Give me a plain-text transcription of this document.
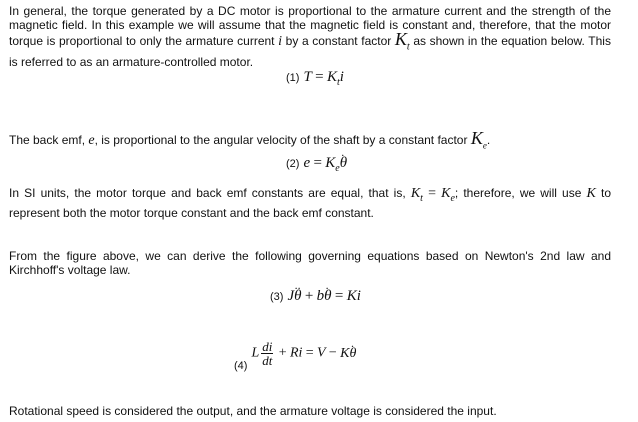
In general, the torque generated by a DC motor is proportional to the armature current and the strength of the magnetic field. In this example we will assume that the magnetic field is constant and, therefore, that the motor torque is proportional to only the armature current i by a constant factor $K_t$ as shown in the equation below. This is referred to as an armature-controlled motor.

(1) $T = K_ti$

The back emf, e, is proportional to the angular velocity of the shaft by a constant factor $K_e$.

(2) $e = K_e\cdot \theta$

In SI units, the motor torque and back emf constants are equal, that is, $K_t = K_e$; therefore, we will use K to represent both the motor torque constant and the back emf constant.

From the figure above, we can derive the following governing equations based on Newton's 2nd law and Kirchhoff's voltage law.

(3) J·· θ + b· θ = Ki
$(4)L \frac{di}{dt} + Ri = V - K\cdot \theta$

Rotational speed is considered the output, and the armature voltage is considered the input.
